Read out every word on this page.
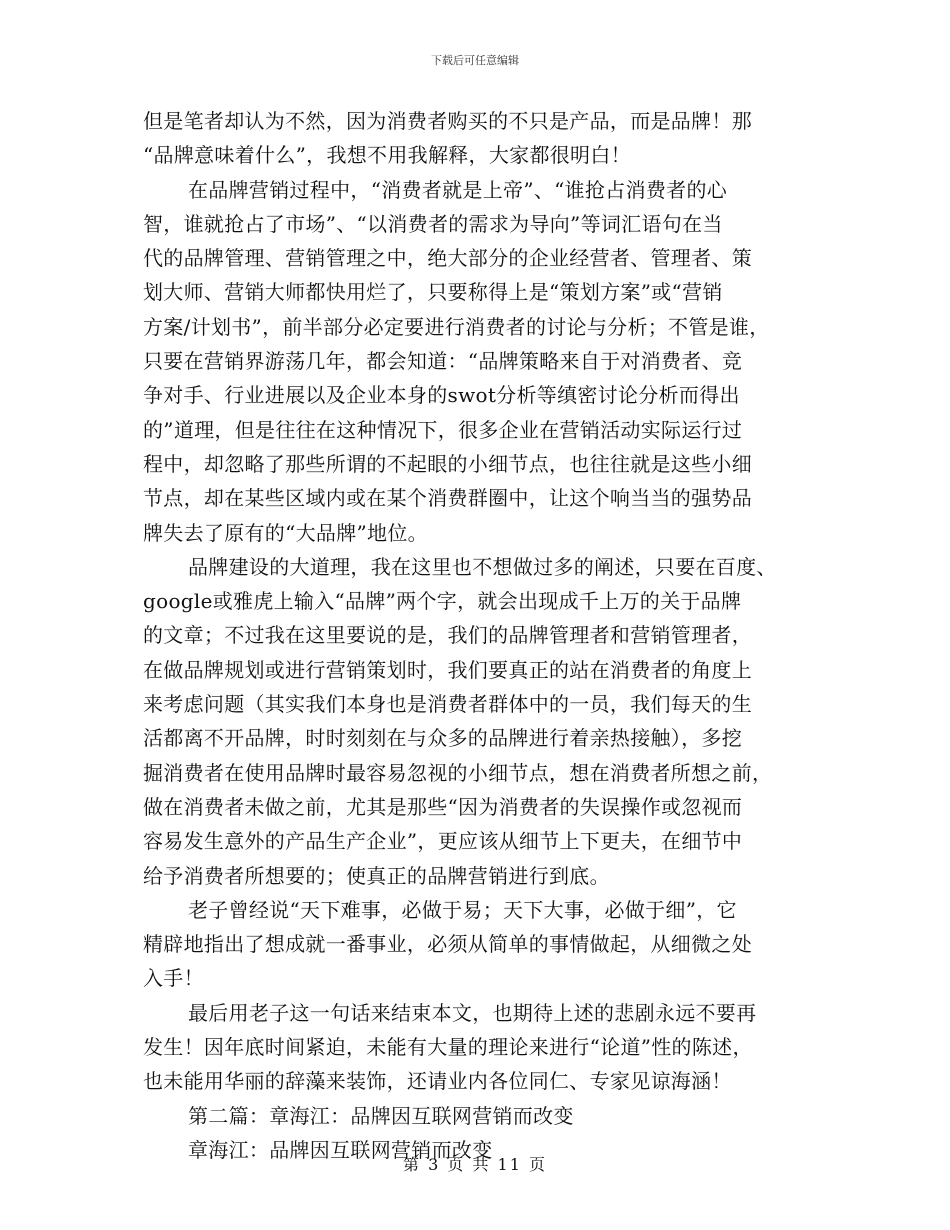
下载后可任意编辑
但是笔者却认为不然，因为消费者购买的不只是产品，而是品牌！那
“品牌意味着什么”，我想不用我解释，大家都很明白！
在品牌营销过程中，“消费者就是上帝”、“谁抢占消费者的心
智，谁就抢占了市场”、“以消费者的需求为导向”等词汇语句在当
代的品牌管理、营销管理之中，绝大部分的企业经营者、管理者、策
划大师、营销大师都快用烂了，只要称得上是“策划方案”或“营销
方案/计划书”，前半部分必定要进行消费者的讨论与分析；不管是谁，
只要在营销界游荡几年，都会知道：“品牌策略来自于对消费者、竞
争对手、行业进展以及企业本身的swot分析等缜密讨论分析而得出
的”道理，但是往往在这种情况下，很多企业在营销活动实际运行过
程中，却忽略了那些所谓的不起眼的小细节点，也往往就是这些小细
节点，却在某些区域内或在某个消费群圈中，让这个响当当的强势品
牌失去了原有的“大品牌”地位。
品牌建设的大道理，我在这里也不想做过多的阐述，只要在百度、
google或雅虎上输入“品牌”两个字，就会出现成千上万的关于品牌
的文章；不过我在这里要说的是，我们的品牌管理者和营销管理者，
在做品牌规划或进行营销策划时，我们要真正的站在消费者的角度上
来考虑问题（其实我们本身也是消费者群体中的一员，我们每天的生
活都离不开品牌，时时刻刻在与众多的品牌进行着亲热接触），多挖
掘消费者在使用品牌时最容易忽视的小细节点，想在消费者所想之前，
做在消费者未做之前，尤其是那些“因为消费者的失误操作或忽视而
容易发生意外的产品生产企业”，更应该从细节上下更夫，在细节中
给予消费者所想要的；使真正的品牌营销进行到底。
老子曾经说“天下难事，必做于易；天下大事，必做于细”，它
精辟地指出了想成就一番事业，必须从简单的事情做起，从细微之处
入手！
最后用老子这一句话来结束本文，也期待上述的悲剧永远不要再
发生！因年底时间紧迫，未能有大量的理论来进行“论道”性的陈述，
也未能用华丽的辞藻来装饰，还请业内各位同仁、专家见谅海涵！
第二篇：章海江：品牌因互联网营销而改变
章海江：品牌因互联网营销而改变
第 3 页 共 11 页
